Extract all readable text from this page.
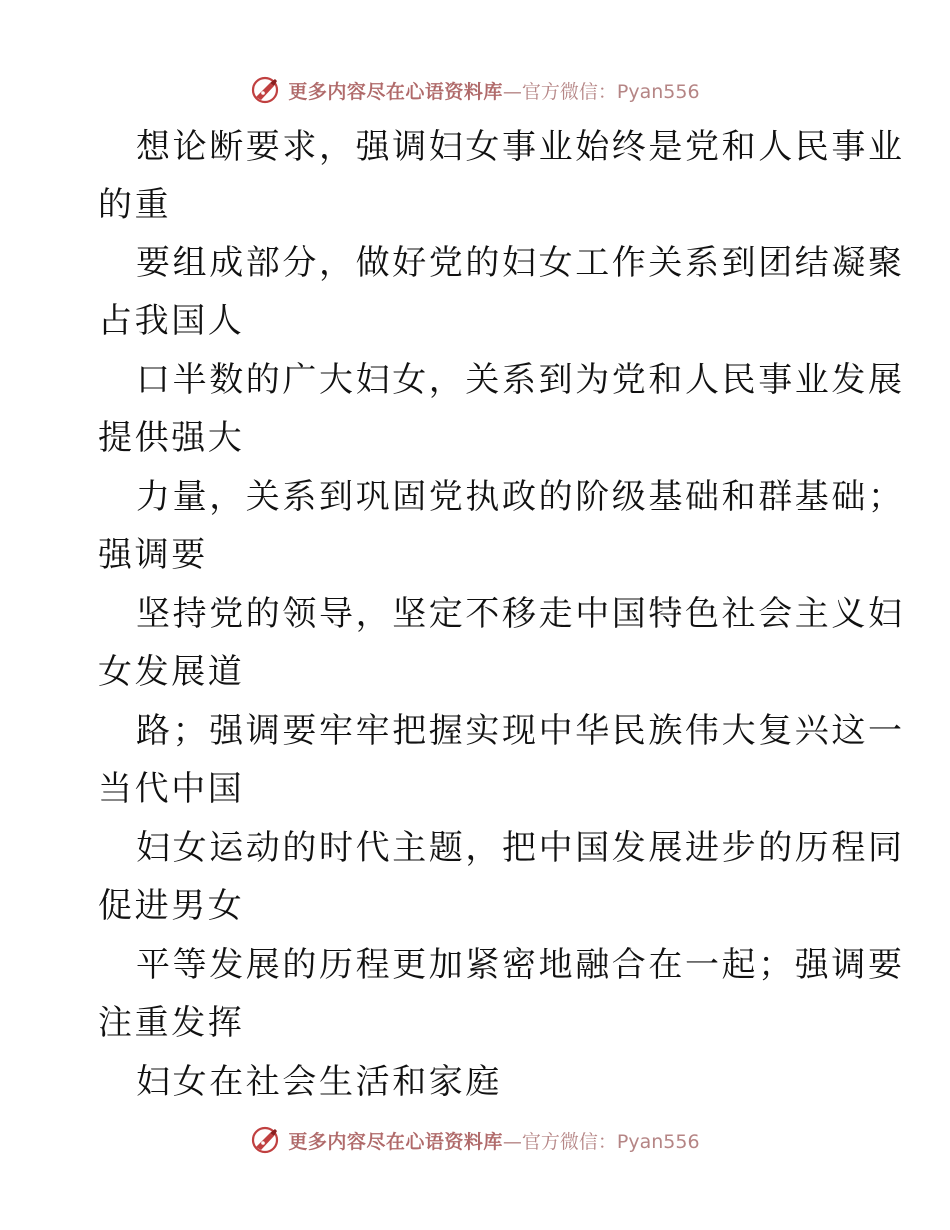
更多内容尽在心语资料库 —官方微信：Pyan556

想论断要求，强调妇女事业始终是党和人民事业
的重

要组成部分，做好党的妇女工作关系到团结凝聚
占我国人

口半数的广大妇女，关系到为党和人民事业发展
提供强大

力量，关系到巩固党执政的阶级基础和群基础；
强调要

坚持党的领导，坚定不移走中国特色社会主义妇
女发展道

路；强调要牢牢把握实现中华民族伟大复兴这一
当代中国

妇女运动的时代主题，把中国发展进步的历程同
促进男女

平等发展的历程更加紧密地融合在一起；强调要
注重发挥

妇女在社会生活和家庭

更多内容尽在心语资料库 —官方微信：Pyan556
